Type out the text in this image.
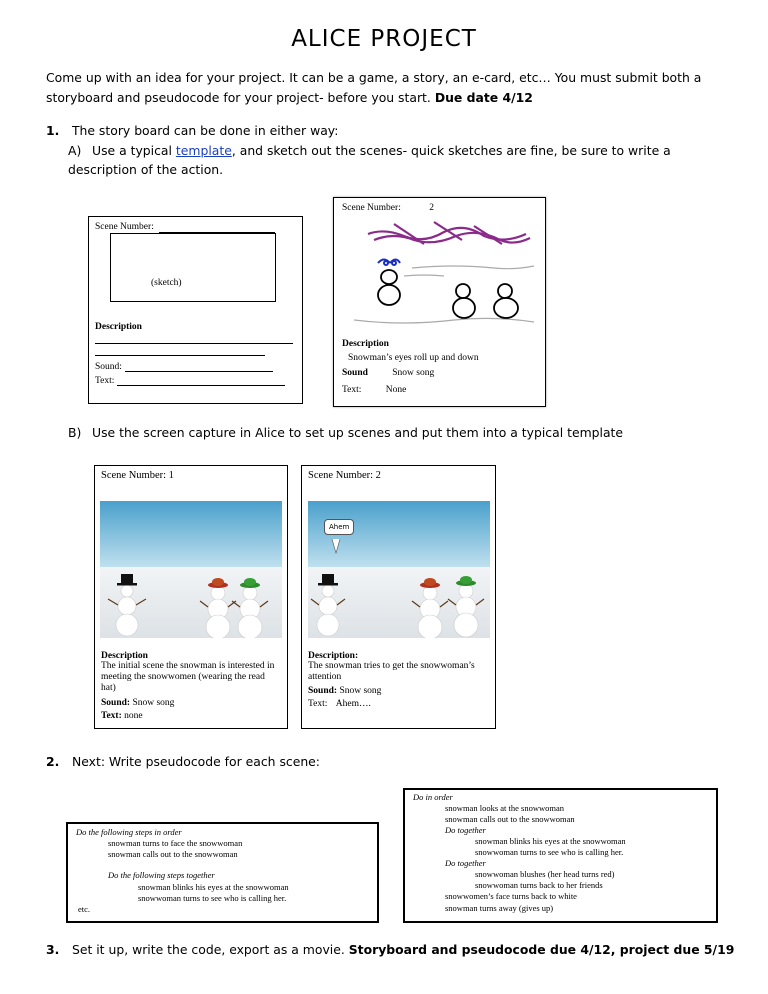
ALICE PROJECT
Come up with an idea for your project. It can be a game, a story, an e-card, etc… You must submit both a storyboard and pseudocode for your project- before you start. Due date 4/12
1. The story board can be done in either way:
A) Use a typical template, and sketch out the scenes- quick sketches are fine, be sure to write a description of the action.
Scene Number:
(sketch)
Description
Sound:
Text:
Scene Number:	2
Description
Snowman’s eyes roll up and down
Sound	Snow song
Text:	None
B) Use the screen capture in Alice to set up scenes and put them into a typical template
Scene Number: 1
Description
The initial scene the snowman is interested in meeting the snowwomen (wearing the read hat)
Sound: Snow song
Text: none
Scene Number: 2
Ahem
Description:
The snowman tries to get the snowwoman’s attention
Sound: Snow song
Text: Ahem….
2. Next: Write pseudocode for each scene:
Do the following steps in order
snowman turns to face the snowwoman
snowman calls out to the snowwoman
Do the following steps together
snowman blinks his eyes at the snowwoman
snowwoman turns to see who is calling her.
etc.
Do in order
snowman looks at the snowwoman
snowman calls out to the snowwoman
Do together
snowman blinks his eyes at the snowwoman
snowwoman turns to see who is calling her.
Do together
snowwoman blushes (her head turns red)
snowwoman turns back to her friends
snowwomen’s face turns back to white
snowman turns away (gives up)
3. Set it up, write the code, export as a movie. Storyboard and pseudocode due 4/12, project due 5/19
